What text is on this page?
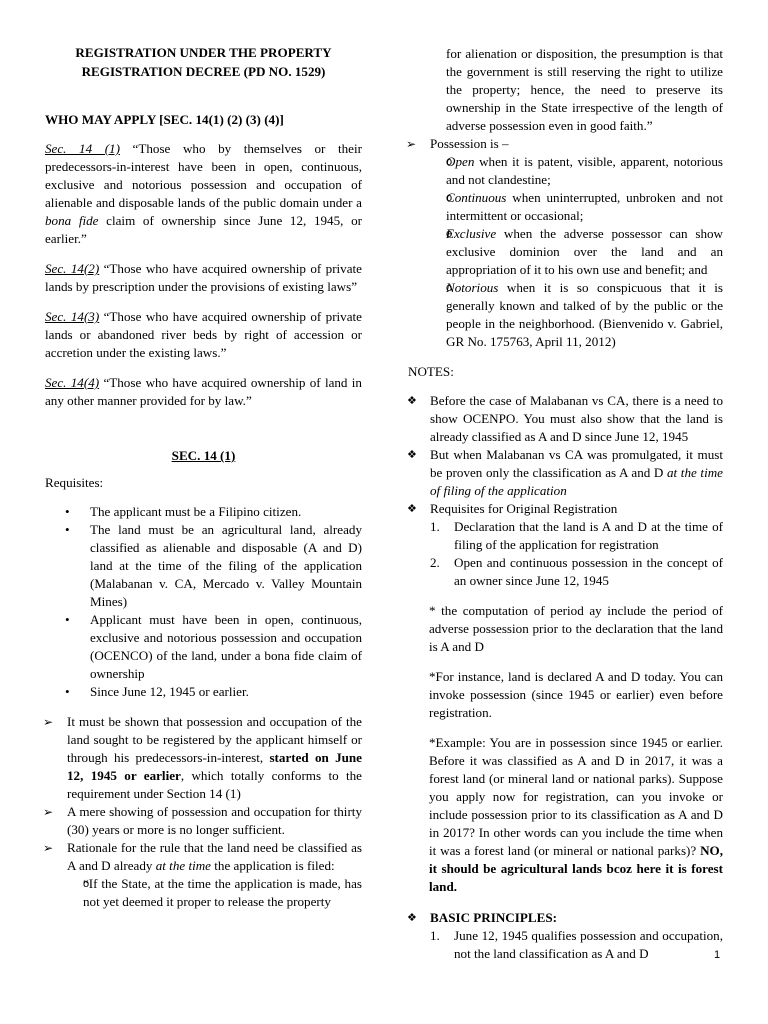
REGISTRATION UNDER THE PROPERTY
REGISTRATION DECREE (PD NO. 1529)

WHO MAY APPLY [SEC. 14(1) (2) (3) (4)]

Sec. 14 (1) “Those who by themselves or their predecessors-in-interest have been in open, continuous, exclusive and notorious possession and occupation of alienable and disposable lands of the public domain under a bona fide claim of ownership since June 12, 1945, or earlier.”

Sec. 14(2) “Those who have acquired ownership of private lands by prescription under the provisions of existing laws”

Sec. 14(3) “Those who have acquired ownership of private lands or abandoned river beds by right of accession or accretion under the existing laws.”

Sec. 14(4) “Those who have acquired ownership of land in any other manner provided for by law.”

SEC. 14 (1)

Requisites:

• The applicant must be a Filipino citizen.
• The land must be an agricultural land, already classified as alienable and disposable (A and D) land at the time of the filing of the application (Malabanan v. CA, Mercado v. Valley Mountain Mines)
• Applicant must have been in open, continuous, exclusive and notorious possession and occupation (OCENCO) of the land, under a bona fide claim of ownership
• Since June 12, 1945 or earlier.
➢ It must be shown that possession and occupation of the land sought to be registered by the applicant himself or through his predecessors-in-interest, started on June 12, 1945 or earlier, which totally conforms to the requirement under Section 14 (1)
➢ A mere showing of possession and occupation for thirty (30) years or more is no longer sufficient.
➢ Rationale for the rule that the land need be classified as A and D already at the time the application is filed:
o “If the State, at the time the application is made, has not yet deemed it proper to release the property

for alienation or disposition, the presumption is that the government is still reserving the right to utilize the property; hence, the need to preserve its ownership in the State irrespective of the length of adverse possession even in good faith.”

➢ Possession is –
o Open when it is patent, visible, apparent, notorious and not clandestine;
o Continuous when uninterrupted, unbroken and not intermittent or occasional;
o Exclusive when the adverse possessor can show exclusive dominion over the land and an appropriation of it to his own use and benefit; and
o Notorious when it is so conspicuous that it is generally known and talked of by the public or the people in the neighborhood. (Bienvenido v. Gabriel, GR No. 175763, April 11, 2012)

NOTES:

❖ Before the case of Malabanan vs CA, there is a need to show OCENPO. You must also show that the land is already classified as A and D since June 12, 1945
❖ But when Malabanan vs CA was promulgated, it must be proven only the classification as A and D at the time of filing of the application
❖ Requisites for Original Registration
1. Declaration that the land is A and D at the time of filing of the application for registration
2. Open and continuous possession in the concept of an owner since June 12, 1945

* the computation of period ay include the period of adverse possession prior to the declaration that the land is A and D

*For instance, land is declared A and D today. You can invoke possession (since 1945 or earlier) even before registration.

*Example: You are in possession since 1945 or earlier. Before it was classified as A and D in 2017, it was a forest land (or mineral land or national parks). Suppose you apply now for registration, can you invoke or include possession prior to its classification as A and D in 2017? In other words can you include the time when it was a forest land (or mineral or national parks)? NO, it should be agricultural lands bcoz here it is forest land.

❖ BASIC PRINCIPLES:
1. June 12, 1945 qualifies possession and occupation, not the land classification as A and D	1
